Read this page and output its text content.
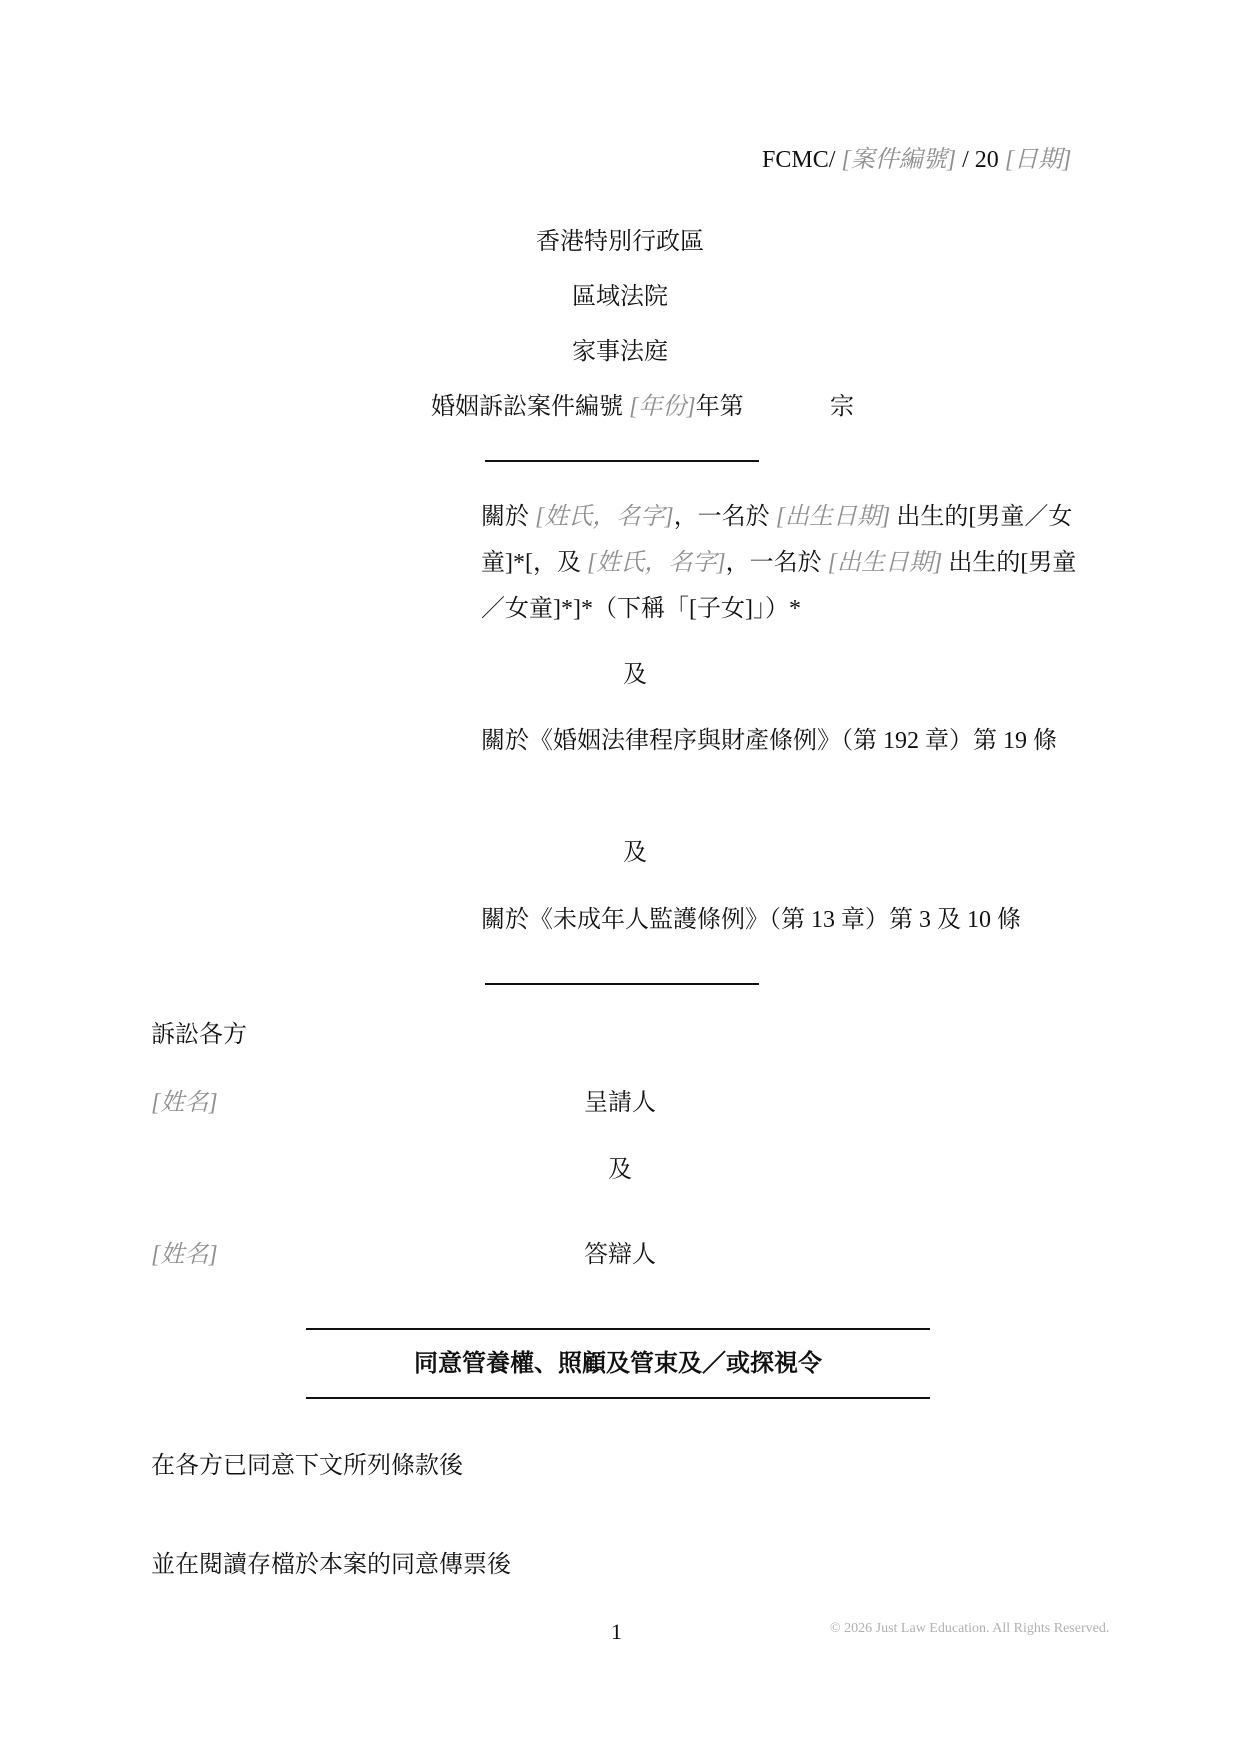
FCMC/ [案件編號] / 20 [日期]
香港特別行政區
區域法院
家事法庭
婚姻訴訟案件編號 [年份]年第	宗
關於 [姓氏，名字]，一名於 [出生日期] 出生的[男童／女童]*[，及 [姓氏，名字]，一名於 [出生日期] 出生的[男童／女童]*]*（下稱「[子女]」）*
及
關於《婚姻法律程序與財產條例》（第 192 章）第 19 條
及
關於《未成年人監護條例》（第 13 章）第 3 及 10 條
訴訟各方
[姓名]	呈請人
及
[姓名]	答辯人
同意管養權、照顧及管束及／或探視令
在各方已同意下文所列條款後
並在閱讀存檔於本案的同意傳票後
1	© 2026 Just Law Education. All Rights Reserved.
